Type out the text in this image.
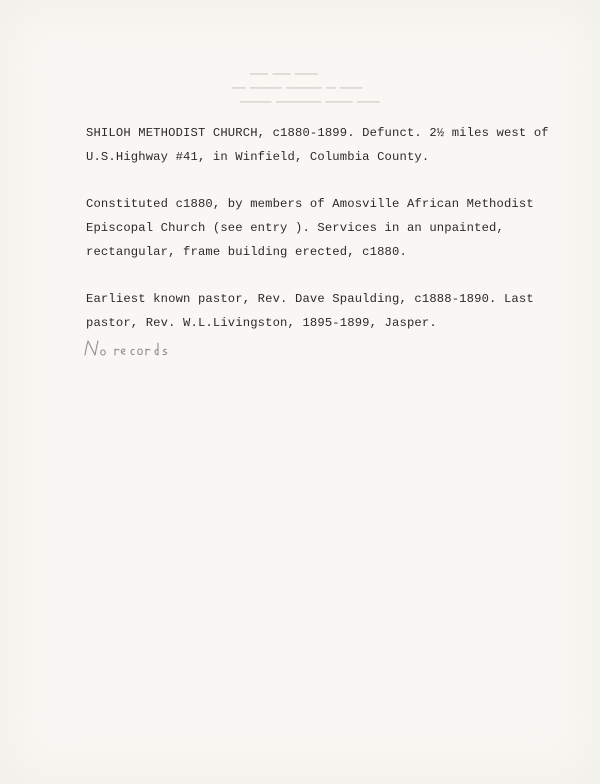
▬▬▬▬ ▬▬▬▬ ▬▬▬▬▬
▬▬▬ ▬▬▬▬▬▬▬ ▬▬▬▬▬▬▬▬ ▬▬ ▬▬▬▬▬
▬▬▬▬▬▬▬ ▬▬▬▬▬▬▬▬▬▬ ▬▬▬▬▬▬ ▬▬▬▬▬
SHILOH METHODIST CHURCH, c1880-1899. Defunct. 2½ miles west of
U.S.Highway #41, in Winfield, Columbia County.
Constituted c1880, by members of Amosville African Methodist
Episcopal Church (see entry ). Services in an unpainted,
rectangular, frame building erected, c1880.
Earliest known pastor, Rev. Dave Spaulding, c1888-1890. Last
pastor, Rev. W.L.Livingston, 1895-1899, Jasper.
